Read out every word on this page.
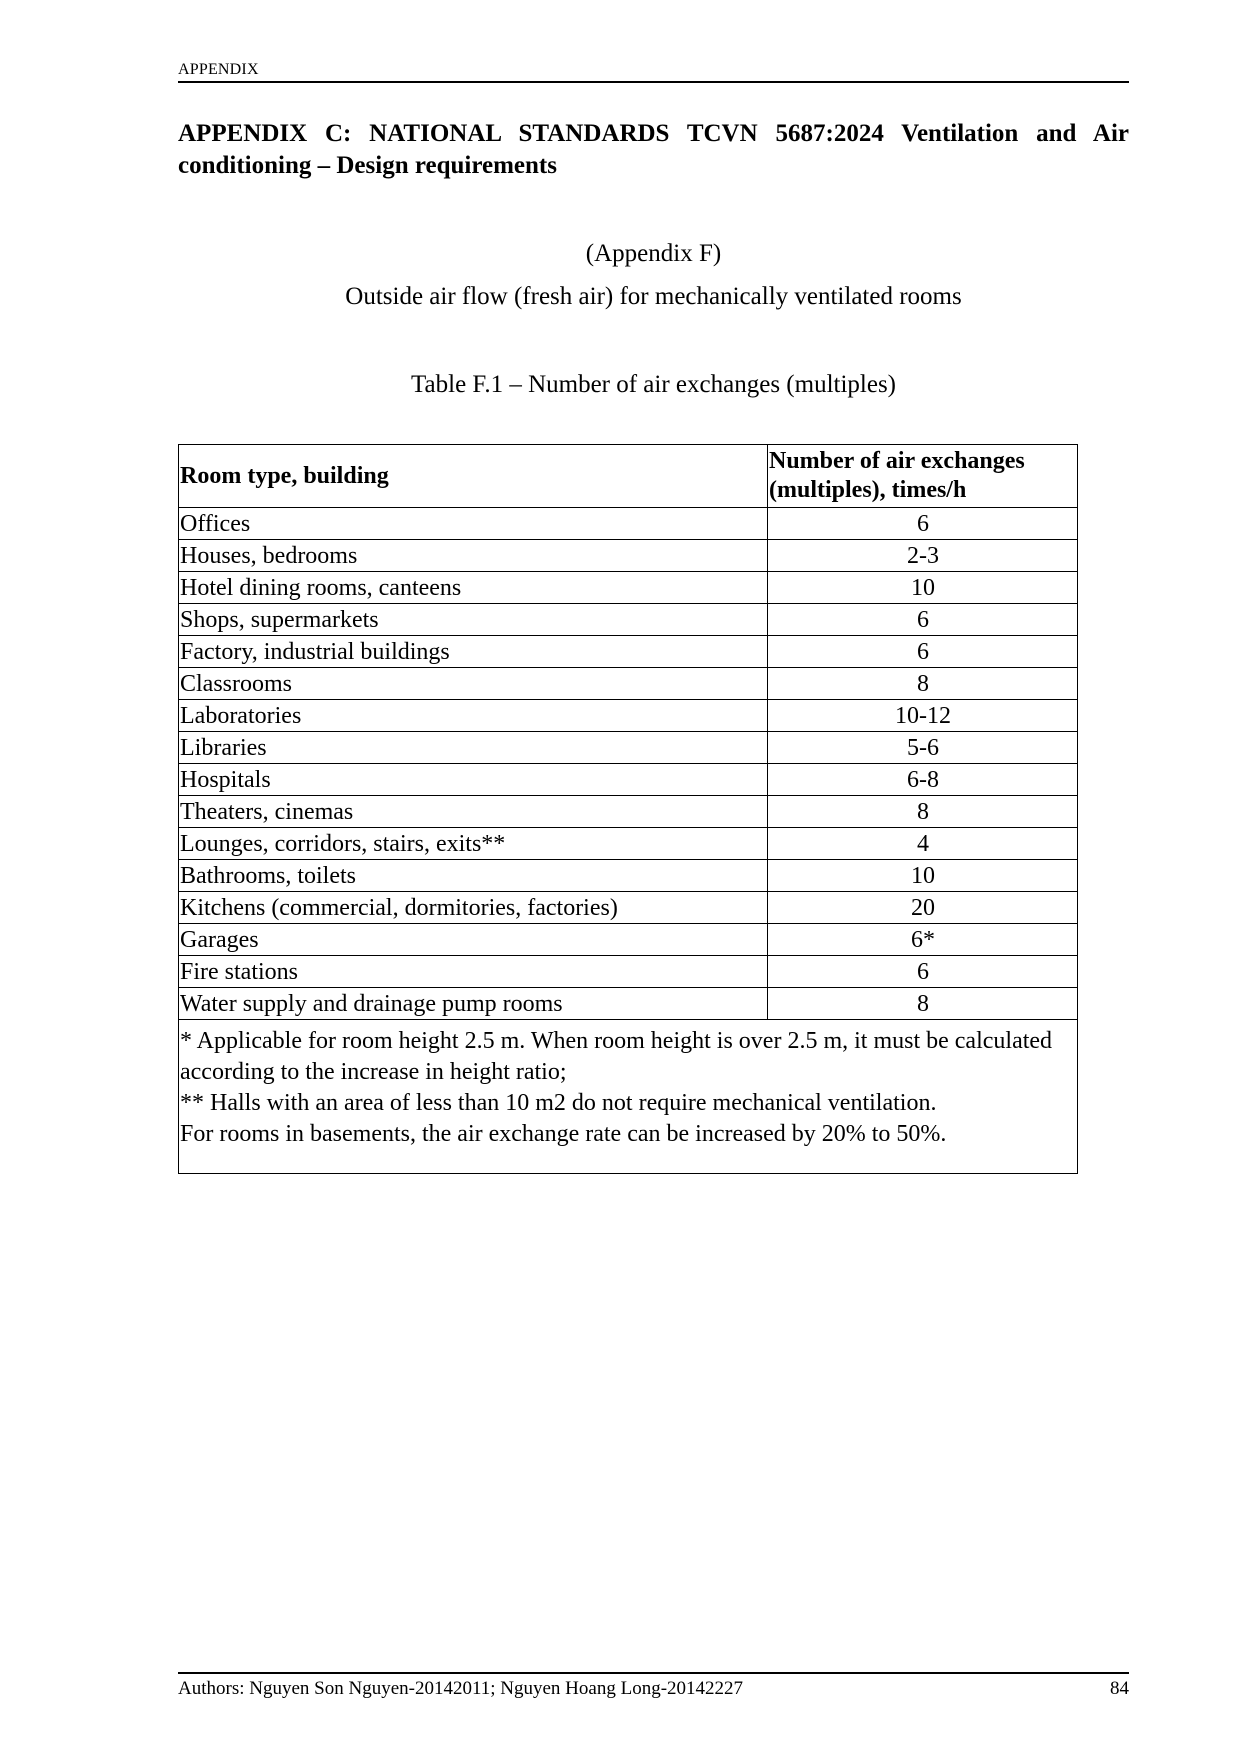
APPENDIX
APPENDIX C: NATIONAL STANDARDS TCVN 5687:2024 Ventilation and Air conditioning – Design requirements
(Appendix F)
Outside air flow (fresh air) for mechanically ventilated rooms
Table F.1 – Number of air exchanges (multiples)
Room type, building	Number of air exchanges (multiples), times/h
Offices	6
Houses, bedrooms	2-3
Hotel dining rooms, canteens	10
Shops, supermarkets	6
Factory, industrial buildings	6
Classrooms	8
Laboratories	10-12
Libraries	5-6
Hospitals	6-8
Theaters, cinemas	8
Lounges, corridors, stairs, exits**	4
Bathrooms, toilets	10
Kitchens (commercial, dormitories, factories)	20
Garages	6*
Fire stations	6
Water supply and drainage pump rooms	8

* Applicable for room height 2.5 m. When room height is over 2.5 m, it must be calculated according to the increase in height ratio;
** Halls with an area of less than 10 m2 do not require mechanical ventilation.
For rooms in basements, the air exchange rate can be increased by 20% to 50%.	
Authors: Nguyen Son Nguyen-20142011; Nguyen Hoang Long-20142227	84
